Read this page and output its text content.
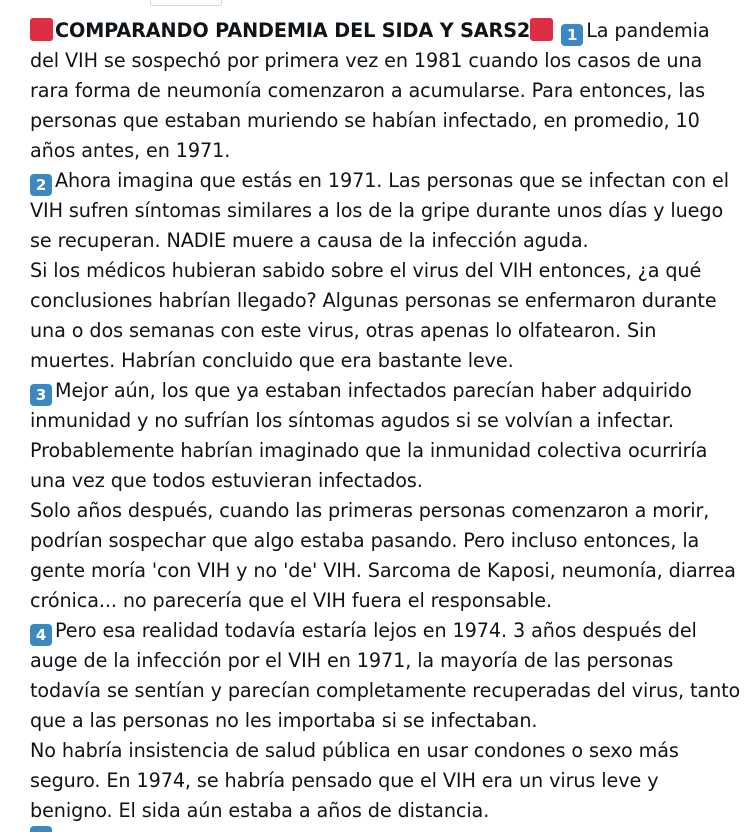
COMPARANDO PANDEMIA DEL SIDA Y SARS2 1 La pandemia del VIH se sospechó por primera vez en 1981 cuando los casos de una rara forma de neumonía comenzaron a acumularse. Para entonces, las personas que estaban muriendo se habían infectado, en promedio, 10 años antes, en 1971.

2 Ahora imagina que estás en 1971. Las personas que se infectan con el VIH sufren síntomas similares a los de la gripe durante unos días y luego se recuperan. NADIE muere a causa de la infección aguda.

Si los médicos hubieran sabido sobre el virus del VIH entonces, ¿a qué conclusiones habrían llegado? Algunas personas se enfermaron durante una o dos semanas con este virus, otras apenas lo olfatearon. Sin muertes. Habrían concluido que era bastante leve.

3 Mejor aún, los que ya estaban infectados parecían haber adquirido inmunidad y no sufrían los síntomas agudos si se volvían a infectar. Probablemente habrían imaginado que la inmunidad colectiva ocurriría una vez que todos estuvieran infectados.

Solo años después, cuando las primeras personas comenzaron a morir, podrían sospechar que algo estaba pasando. Pero incluso entonces, la gente moría 'con VIH y no 'de' VIH. Sarcoma de Kaposi, neumonía, diarrea crónica... no parecería que el VIH fuera el responsable.

4 Pero esa realidad todavía estaría lejos en 1974. 3 años después del auge de la infección por el VIH en 1971, la mayoría de las personas todavía se sentían y parecían completamente recuperadas del virus, tanto que a las personas no les importaba si se infectaban.

No habría insistencia de salud pública en usar condones o sexo más seguro. En 1974, se habría pensado que el VIH era un virus leve y benigno. El sida aún estaba a años de distancia.
